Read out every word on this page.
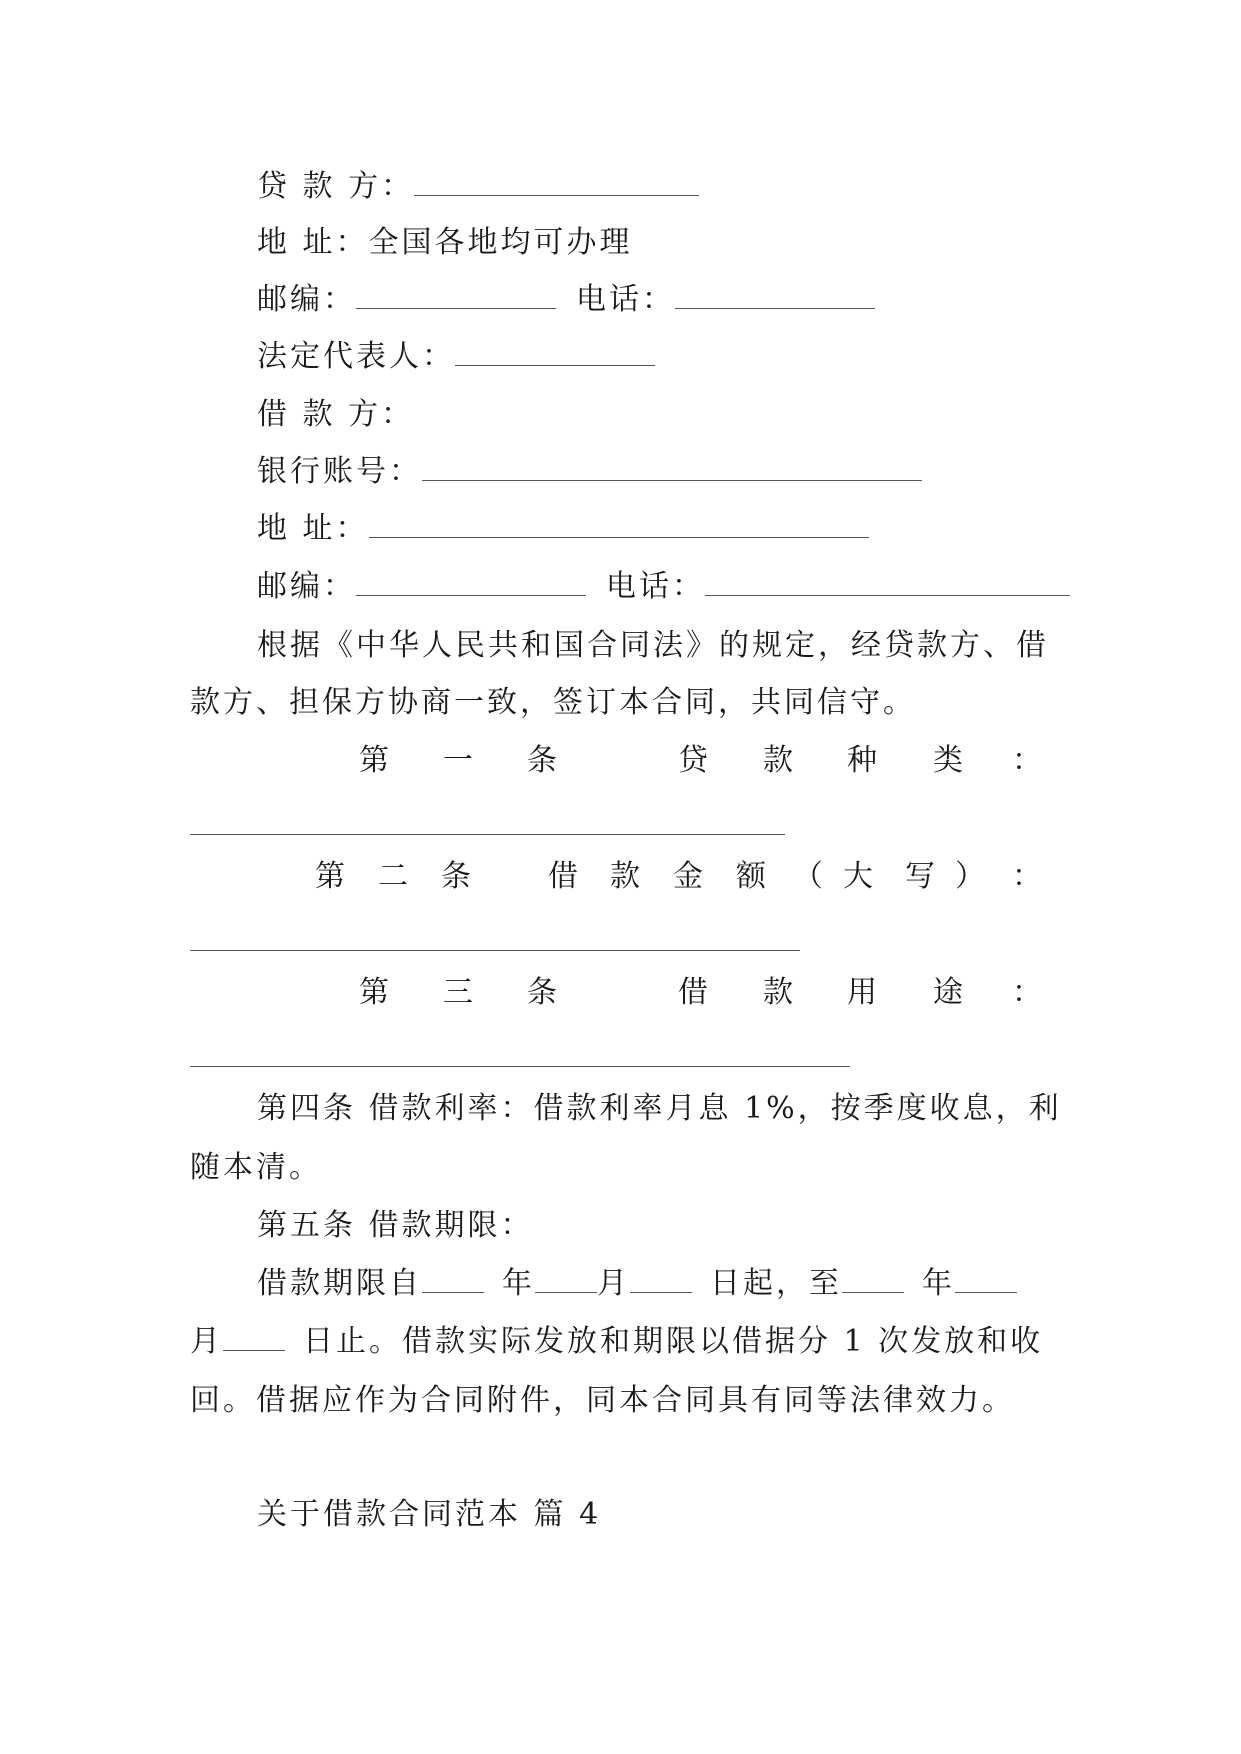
贷 款 方：
地 址：全国各地均可办理
邮编：	电话：
法定代表人：
借 款 方：
银行账号：
地 址：
邮编：	电话：
根据《中华人民共和国合同法》的规定，经贷款方、借
款方、担保方协商一致，签订本合同，共同信守。
第 一 条	贷 款 种 类 ：
第 二 条 借 款 金 额 （ 大 写 ） ：
第 三 条	借 款 用 途 ：
第四条 借款利率：借款利率月息 1%，按季度收息，利
随本清。
第五条 借款期限：
借款期限自	年 月	日起，至	年
月	日止。借款实际发放和期限以借据分 1 次发放和收
回。借据应作为合同附件，同本合同具有同等法律效力。
关于借款合同范本 篇 4
